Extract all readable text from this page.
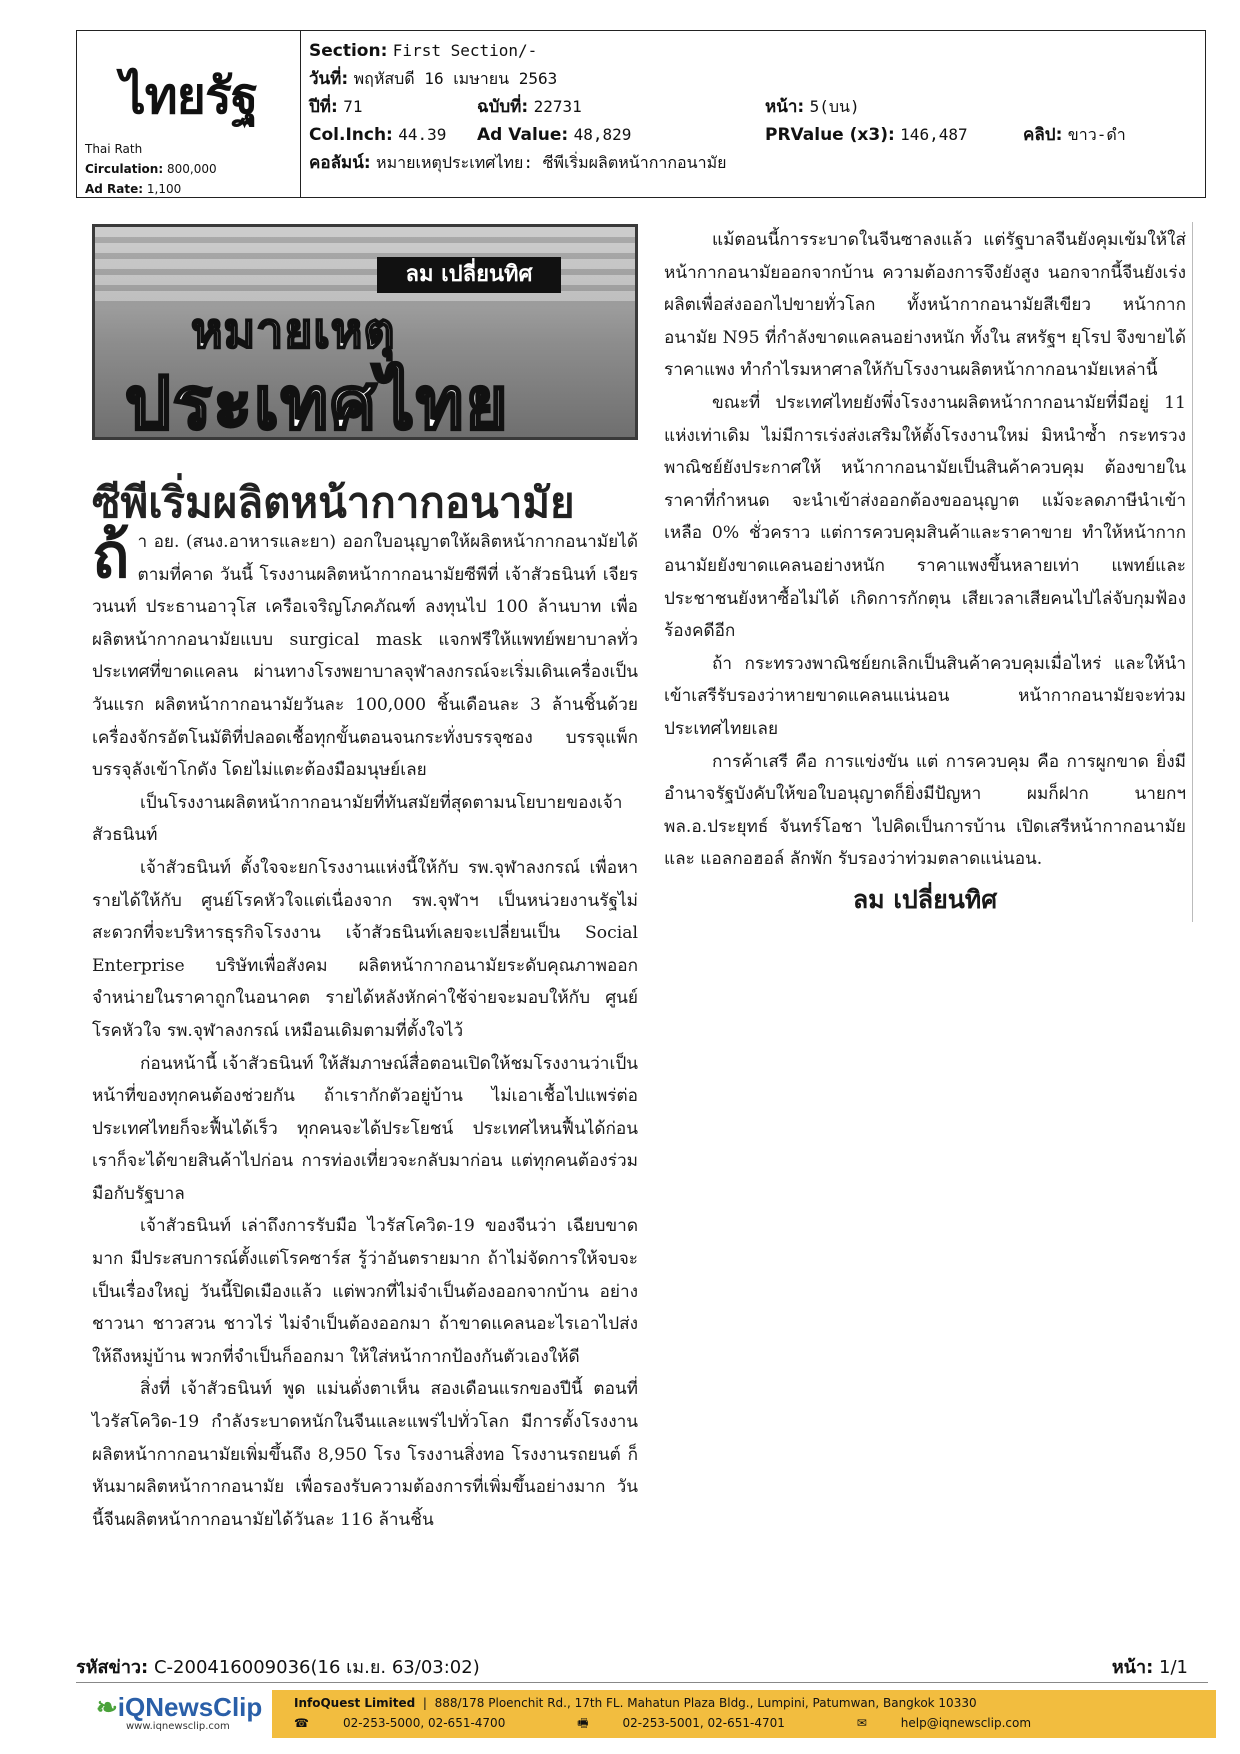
ไทยรัฐ
Thai Rath
Circulation: 800,000
Ad Rate: 1,100
Section: First Section/-
วันที่: พฤหัสบดี 16 เมษายน 2563
ปีที่: 71	ฉบับที่: 22731	หน้า: 5(บน)
Col.Inch: 44.39 Ad Value: 48,829	PRValue (x3): 146,487	คลิป: ขาว-ดำ
คอลัมน์: หมายเหตุประเทศไทย: ซีพีเริ่มผลิตหน้ากากอนามัย
ลม เปลี่ยนทิศ
หมายเหตุ
ประเทศไทย
ซีพีเริ่มผลิตหน้ากากอนามัย

ถ้า อย. (สนง.อาหารและยา) ออกใบอนุญาตให้ผลิตหน้ากากอนามัยได้ตามที่คาด วันนี้ โรงงานผลิตหน้ากากอนามัยซีพีที่ เจ้าสัวธนินท์ เจียรวนนท์ ประธานอาวุโส เครือเจริญโภคภัณฑ์ ลงทุนไป 100 ล้านบาท เพื่อผลิตหน้ากากอนามัยแบบ surgical mask แจกฟรีให้แพทย์พยาบาลทั่วประเทศที่ขาดแคลน ผ่านทางโรงพยาบาลจุฬาลงกรณ์จะเริ่มเดินเครื่องเป็นวันแรก ผลิตหน้ากากอนามัยวันละ 100,000 ชิ้นเดือนละ 3 ล้านชิ้นด้วยเครื่องจักรอัตโนมัติที่ปลอดเชื้อทุกขั้นตอนจนกระทั่งบรรจุซอง บรรจุแพ็ก บรรจุลังเข้าโกดัง โดยไม่แตะต้องมือมนุษย์เลย

เป็นโรงงานผลิตหน้ากากอนามัยที่ทันสมัยที่สุดตามนโยบายของเจ้าสัวธนินท์

เจ้าสัวธนินท์ ตั้งใจจะยกโรงงานแห่งนี้ให้กับ รพ.จุฬาลงกรณ์ เพื่อหารายได้ให้กับ ศูนย์โรคหัวใจแต่เนื่องจาก รพ.จุฬาฯ เป็นหน่วยงานรัฐไม่สะดวกที่จะบริหารธุรกิจโรงงาน เจ้าสัวธนินท์เลยจะเปลี่ยนเป็น Social Enterprise บริษัทเพื่อสังคม ผลิตหน้ากากอนามัยระดับคุณภาพออกจำหน่ายในราคาถูกในอนาคต รายได้หลังหักค่าใช้จ่ายจะมอบให้กับ ศูนย์โรคหัวใจ รพ.จุฬาลงกรณ์ เหมือนเดิมตามที่ตั้งใจไว้

ก่อนหน้านี้ เจ้าสัวธนินท์ ให้สัมภาษณ์สื่อตอนเปิดให้ชมโรงงานว่าเป็นหน้าที่ของทุกคนต้องช่วยกัน ถ้าเรากักตัวอยู่บ้าน ไม่เอาเชื้อไปแพร่ต่อ ประเทศไทยก็จะฟื้นได้เร็ว ทุกคนจะได้ประโยชน์ ประเทศไหนฟื้นได้ก่อน เราก็จะได้ขายสินค้าไปก่อน การท่องเที่ยวจะกลับมาก่อน แต่ทุกคนต้องร่วมมือกับรัฐบาล

เจ้าสัวธนินท์ เล่าถึงการรับมือ ไวรัสโควิด-19 ของจีนว่า เฉียบขาดมาก มีประสบการณ์ตั้งแต่โรคซาร์ส รู้ว่าอันตรายมาก ถ้าไม่จัดการให้จบจะเป็นเรื่องใหญ่ วันนี้ปิดเมืองแล้ว แต่พวกที่ไม่จำเป็นต้องออกจากบ้าน อย่าง ชาวนา ชาวสวน ชาวไร่ ไม่จำเป็นต้องออกมา ถ้าขาดแคลนอะไรเอาไปส่งให้ถึงหมู่บ้าน พวกที่จำเป็นก็ออกมา ให้ใส่หน้ากากป้องกันตัวเองให้ดี

สิ่งที่ เจ้าสัวธนินท์ พูด แม่นดั่งตาเห็น สองเดือนแรกของปีนี้ ตอนที่ไวรัสโควิด-19 กำลังระบาดหนักในจีนและแพร่ไปทั่วโลก มีการตั้งโรงงานผลิตหน้ากากอนามัยเพิ่มขึ้นถึง 8,950 โรง โรงงานสิ่งทอ โรงงานรถยนต์ ก็หันมาผลิตหน้ากากอนามัย เพื่อรองรับความต้องการที่เพิ่มขึ้นอย่างมาก วันนี้จีนผลิตหน้ากากอนามัยได้วันละ 116 ล้านชิ้น

แม้ตอนนี้การระบาดในจีนซาลงแล้ว แต่รัฐบาลจีนยังคุมเข้มให้ใส่หน้ากากอนามัยออกจากบ้าน ความต้องการจึงยังสูง นอกจากนี้จีนยังเร่งผลิตเพื่อส่งออกไปขายทั่วโลก ทั้งหน้ากากอนามัยสีเขียว หน้ากากอนามัย N95 ที่กำลังขาดแคลนอย่างหนัก ทั้งใน สหรัฐฯ ยุโรป จึงขายได้ราคาแพง ทำกำไรมหาศาลให้กับโรงงานผลิตหน้ากากอนามัยเหล่านี้

ขณะที่ ประเทศไทยยังพึ่งโรงงานผลิตหน้ากากอนามัยที่มีอยู่ 11 แห่งเท่าเดิม ไม่มีการเร่งส่งเสริมให้ตั้งโรงงานใหม่ มิหนำซ้ำ กระทรวงพาณิชย์ยังประกาศให้ หน้ากากอนามัยเป็นสินค้าควบคุม ต้องขายในราคาที่กำหนด จะนำเข้าส่งออกต้องขออนุญาต แม้จะลดภาษีนำเข้าเหลือ 0% ชั่วคราว แต่การควบคุมสินค้าและราคาขาย ทำให้หน้ากากอนามัยยังขาดแคลนอย่างหนัก ราคาแพงขึ้นหลายเท่า แพทย์และประชาชนยังหาซื้อไม่ได้ เกิดการกักตุน เสียเวลาเสียคนไปไล่จับกุมฟ้องร้องคดีอีก

ถ้า กระทรวงพาณิชย์ยกเลิกเป็นสินค้าควบคุมเมื่อไหร่ และให้นำเข้าเสรีรับรองว่าหายขาดแคลนแน่นอน หน้ากากอนามัยจะท่วมประเทศไทยเลย

การค้าเสรี คือ การแข่งขัน แต่ การควบคุม คือ การผูกขาด ยิ่งมีอำนาจรัฐบังคับให้ขอใบอนุญาตก็ยิ่งมีปัญหา ผมก็ฝาก นายกฯ พล.อ.ประยุทธ์ จันทร์โอชา ไปคิดเป็นการบ้าน เปิดเสรีหน้ากากอนามัย และ แอลกอฮอล์ ลักพัก รับรองว่าท่วมตลาดแน่นอน.

ลม เปลี่ยนทิศ
รหัสข่าว: C-200416009036(16 เม.ย. 63/03:02)	หน้า: 1/1
❧iQNewsClip
www.iqnewsclip.com
InfoQuest Limited  |  888/178 Ploenchit Rd., 17th FL. Mahatun Plaza Bldg., Lumpini, Patumwan, Bangkok 10330
☎	02-253-5000, 02-651-4700	🖷	02-253-5001, 02-651-4701	✉	help@iqnewsclip.com
